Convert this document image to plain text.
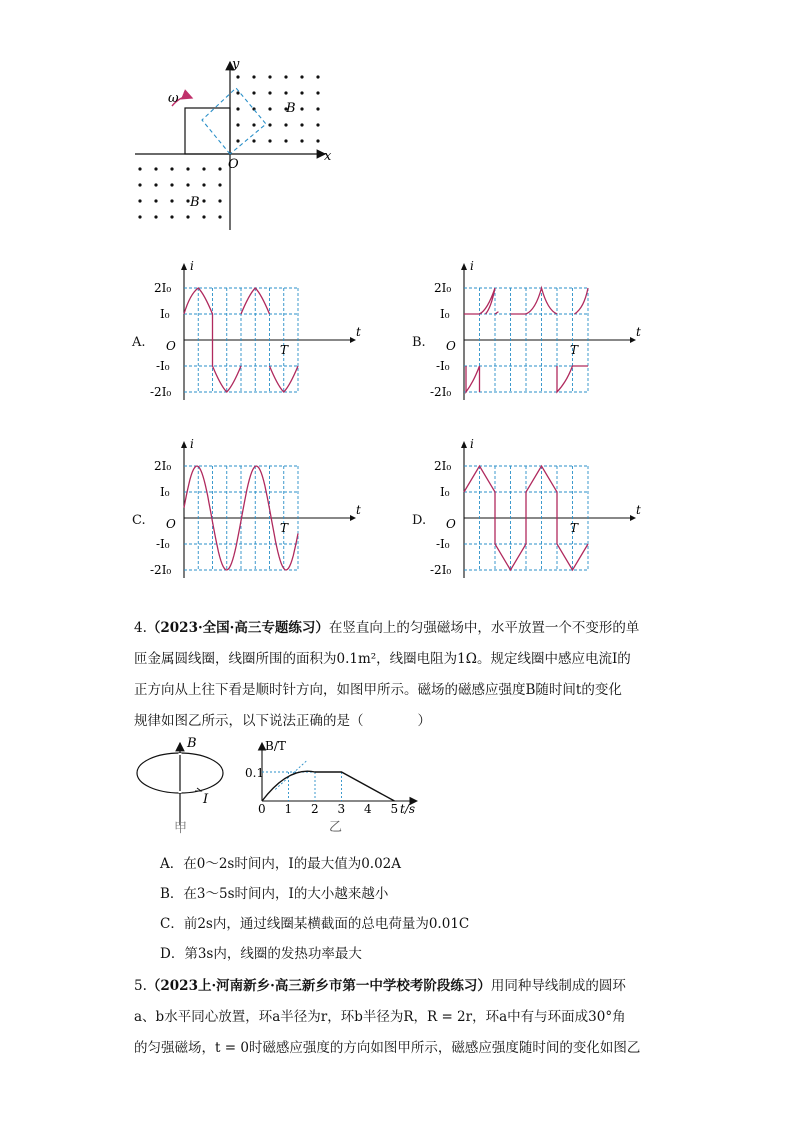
ω
y
x
O
B
B
A.
i
t
O
2I₀
I₀
-I₀
-2I₀
T	B.
i
t
O
2I₀
I₀
-I₀
-2I₀
T
C.
i
t
O
2I₀
I₀
-I₀
-2I₀
T	D.
i
t
O
2I₀
I₀
-I₀
-2I₀
T
4.（2023·全国·高三专题练习）在竖直向上的匀强磁场中，水平放置一个不变形的单
匝金属圆线圈，线圈所围的面积为0.1m²，线圈电阻为1Ω。规定线圈中感应电流I的
正方向从上往下看是顺时针方向，如图甲所示。磁场的磁感应强度B随时间t的变化
规律如图乙所示，以下说法正确的是（　　　　）
B
I
甲
B/T
0.1
t/s
乙
0 1 2 3 4 5
A．在0～2s时间内，I的最大值为0.02A
B．在3～5s时间内，I的大小越来越小
C．前2s内，通过线圈某横截面的总电荷量为0.01C
D．第3s内，线圈的发热功率最大
5.（2023上·河南新乡·高三新乡市第一中学校考阶段练习）用同种导线制成的圆环
a、b水平同心放置，环a半径为r，环b半径为R，R = 2r，环a中有与环面成30°角
的匀强磁场，t = 0时磁感应强度的方向如图甲所示，磁感应强度随时间的变化如图乙
